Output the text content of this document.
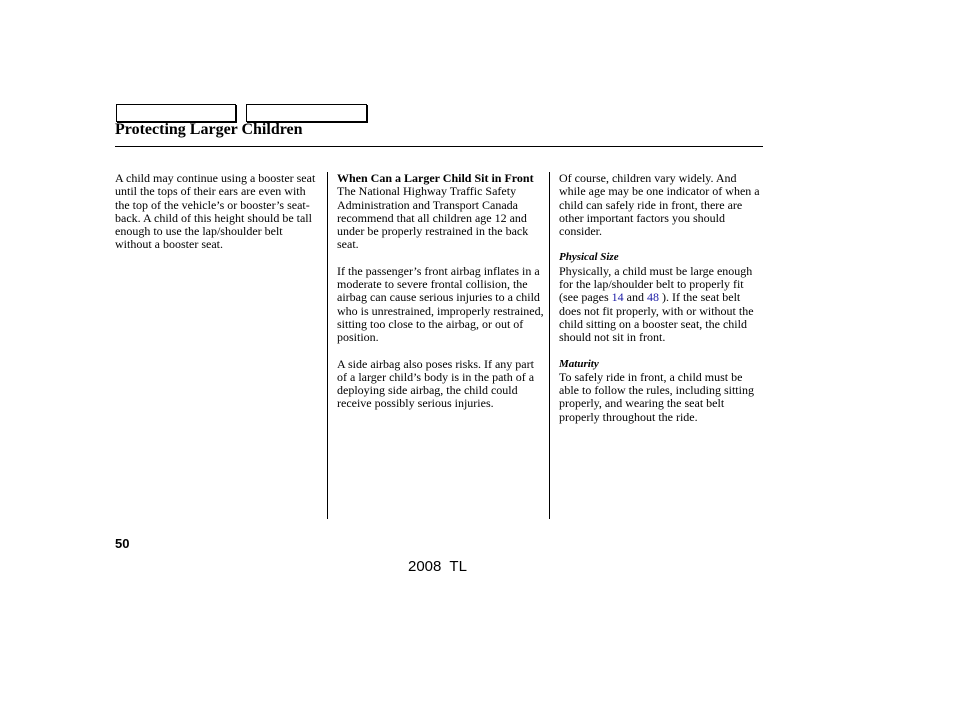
Protecting Larger Children

A child may continue using a booster seat until the tops of their ears are even with the top of the vehicle’s or booster’s seat-back. A child of this height should be tall enough to use the lap/shoulder belt without a booster seat.

When Can a Larger Child Sit in Front
The National Highway Traffic Safety Administration and Transport Canada recommend that all children age 12 and under be properly restrained in the back seat.

If the passenger’s front airbag inflates in a moderate to severe frontal collision, the airbag can cause serious injuries to a child who is unrestrained, improperly restrained, sitting too close to the airbag, or out of position.

A side airbag also poses risks. If any part of a larger child’s body is in the path of a deploying side airbag, the child could receive possibly serious injuries.

Of course, children vary widely. And while age may be one indicator of when a child can safely ride in front, there are other important factors you should consider.

Physical Size
Physically, a child must be large enough for the lap/shoulder belt to properly fit (see pages 14 and 48 ). If the seat belt does not fit properly, with or without the child sitting on a booster seat, the child should not sit in front.

Maturity
To safely ride in front, a child must be able to follow the rules, including sitting properly, and wearing the seat belt properly throughout the ride.

50
2008  TL
